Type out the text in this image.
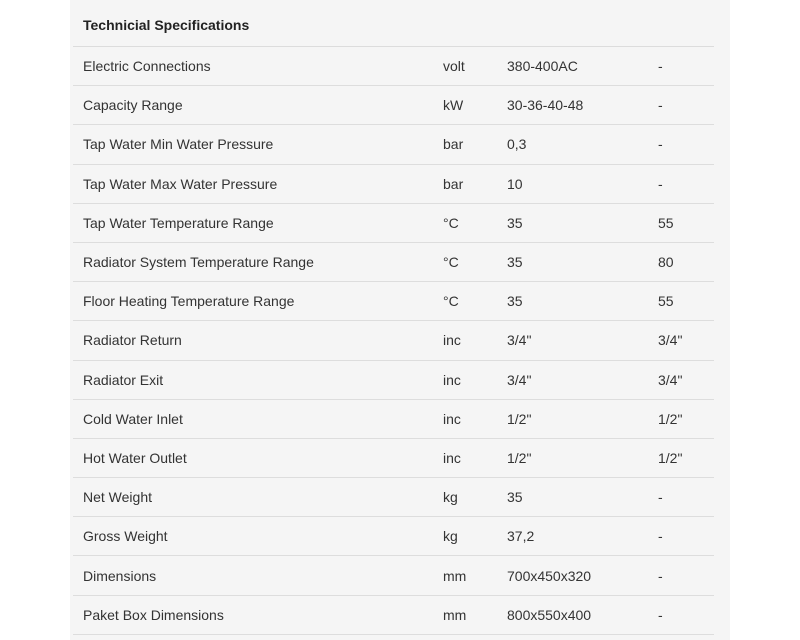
Technicial Specifications
Electric Connections	volt	380-400AC	-
Capacity Range	kW	30-36-40-48	-
Tap Water Min Water Pressure	bar	0,3	-
Tap Water Max Water Pressure	bar	10	-
Tap Water Temperature Range	°C	35	55
Radiator System Temperature Range	°C	35	80
Floor Heating Temperature Range	°C	35	55
Radiator Return	inc	3/4"	3/4"
Radiator Exit	inc	3/4"	3/4"
Cold Water Inlet	inc	1/2"	1/2"
Hot Water Outlet	inc	1/2"	1/2"
Net Weight	kg	35	-
Gross Weight	kg	37,2	-
Dimensions	mm	700x450x320	-
Paket Box Dimensions	mm	800x550x400	-
